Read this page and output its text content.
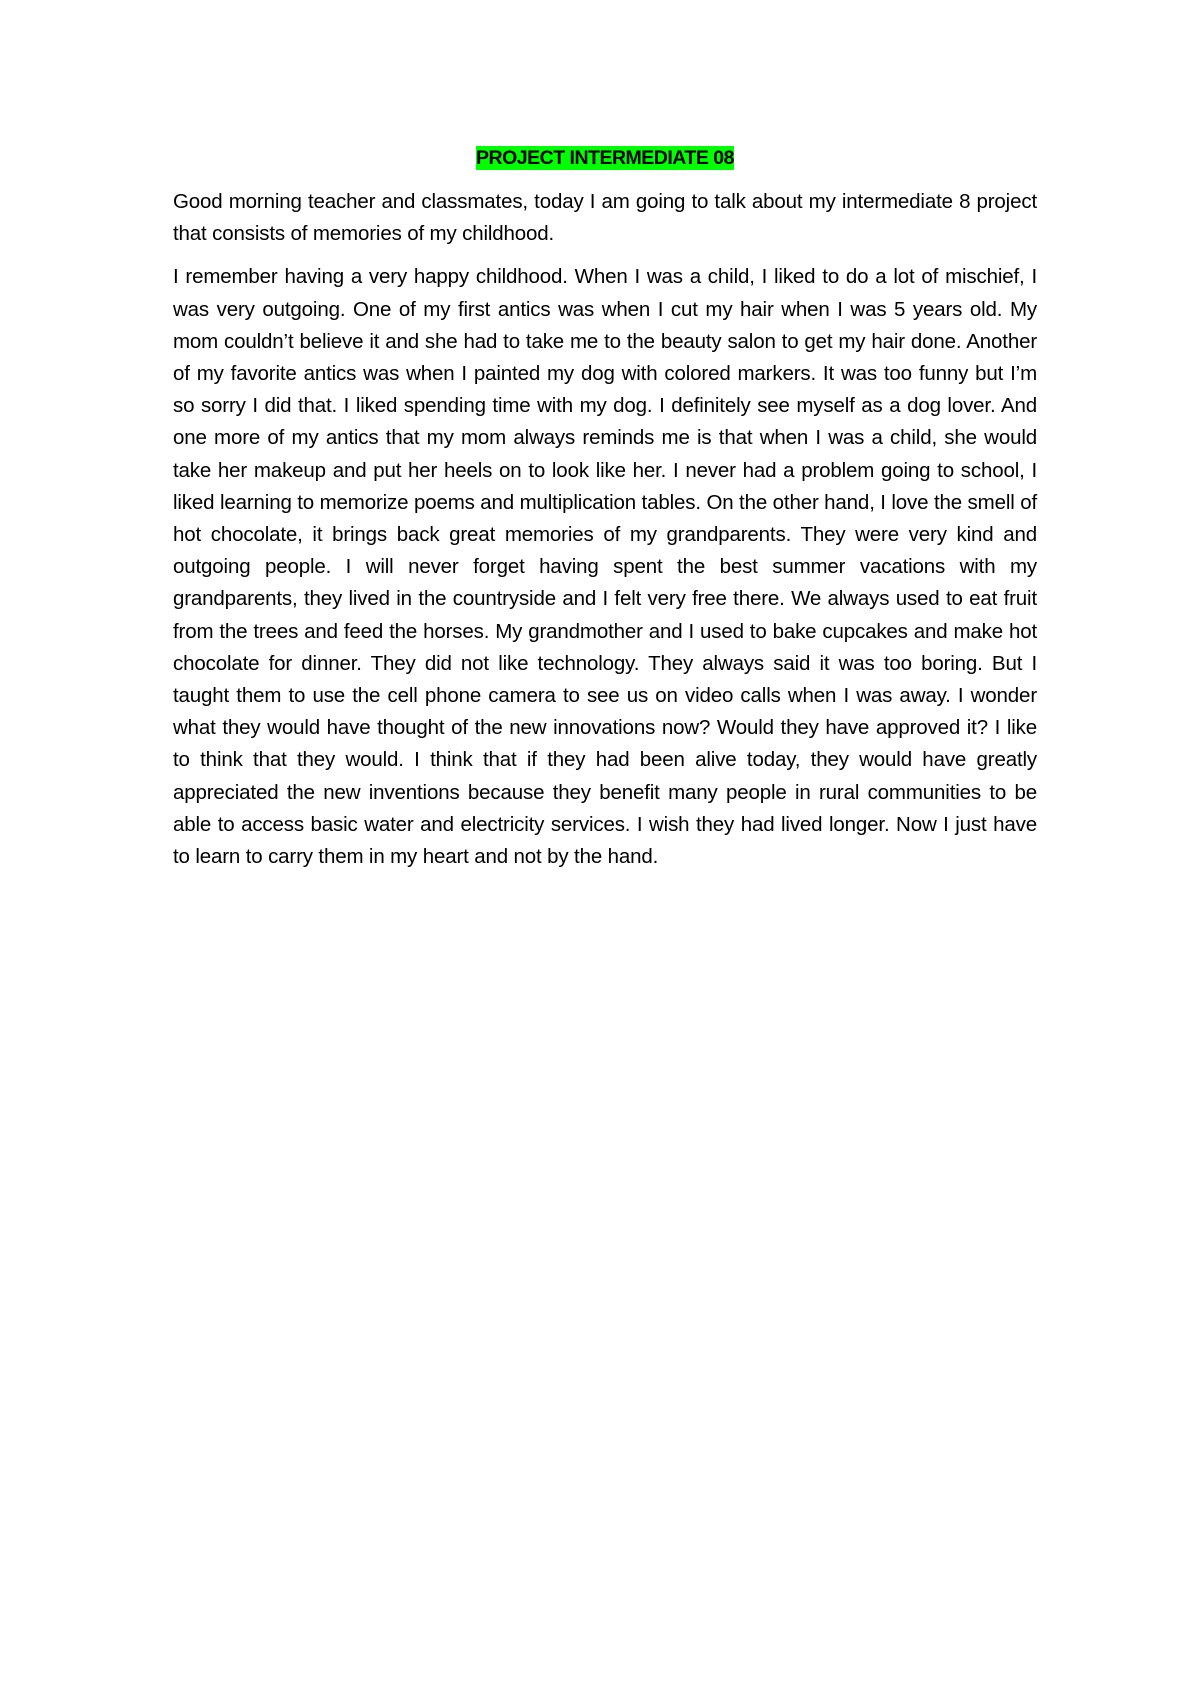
PROJECT INTERMEDIATE 08

Good morning teacher and classmates, today I am going to talk about my intermediate 8 project that consists of memories of my childhood.

I remember having a very happy childhood. When I was a child, I liked to do a lot of mischief, I was very outgoing. One of my first antics was when I cut my hair when I was 5 years old. My mom couldn’t believe it and she had to take me to the beauty salon to get my hair done. Another of my favorite antics was when I painted my dog with colored markers. It was too funny but I’m so sorry I did that. I liked spending time with my dog. I definitely see myself as a dog lover. And one more of my antics that my mom always reminds me is that when I was a child, she would take her makeup and put her heels on to look like her. I never had a problem going to school, I liked learning to memorize poems and multiplication tables. On the other hand, I love the smell of hot chocolate, it brings back great memories of my grandparents. They were very kind and outgoing people. I will never forget having spent the best summer vacations with my grandparents, they lived in the countryside and I felt very free there. We always used to eat fruit from the trees and feed the horses. My grandmother and I used to bake cupcakes and make hot chocolate for dinner. They did not like technology. They always said it was too boring. But I taught them to use the cell phone camera to see us on video calls when I was away. I wonder what they would have thought of the new innovations now? Would they have approved it? I like to think that they would. I think that if they had been alive today, they would have greatly appreciated the new inventions because they benefit many people in rural communities to be able to access basic water and electricity services. I wish they had lived longer. Now I just have to learn to carry them in my heart and not by the hand.
